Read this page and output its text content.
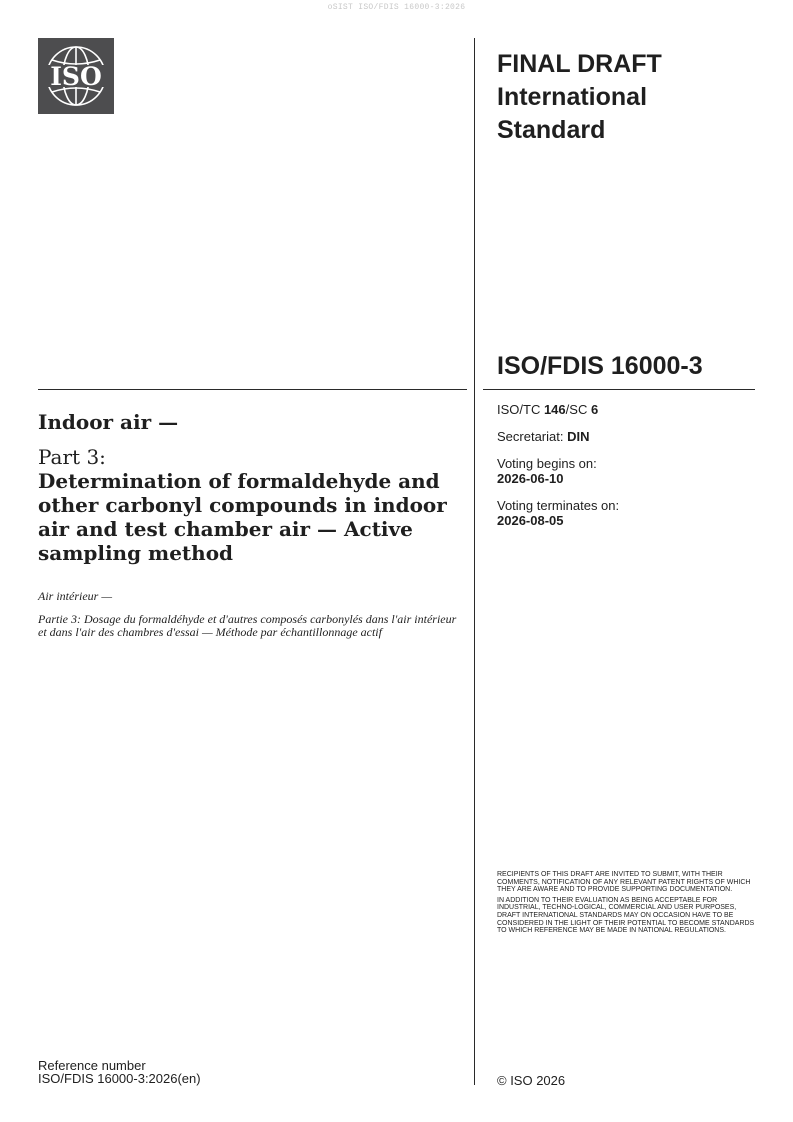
oSIST ISO/FDIS 16000-3:2026
ISO	FINAL DRAFT
International
Standard
ISO/FDIS 16000-3
ISO/TC 146/SC 6
Secretariat: DIN
Voting begins on:
2026-06-10
Voting terminates on:
2026-08-05
Indoor air —
Part 3:
Determination of formaldehyde and other carbonyl compounds in indoor air and test chamber air — Active sampling method
Air intérieur —
Partie 3: Dosage du formaldéhyde et d'autres composés carbonylés dans l'air intérieur et dans l'air des chambres d'essai — Méthode par échantillonnage actif

RECIPIENTS OF THIS DRAFT ARE INVITED TO SUBMIT, WITH THEIR COMMENTS, NOTIFICATION OF ANY RELEVANT PATENT RIGHTS OF WHICH THEY ARE AWARE AND TO PROVIDE SUPPORTING DOCUMENTATION.

IN ADDITION TO THEIR EVALUATION AS BEING ACCEPTABLE FOR INDUSTRIAL, TECHNO-LOGICAL, COMMERCIAL AND USER PURPOSES, DRAFT INTERNATIONAL STANDARDS MAY ON OCCASION HAVE TO BE CONSIDERED IN THE LIGHT OF THEIR POTENTIAL TO BECOME STANDARDS TO WHICH REFERENCE MAY BE MADE IN NATIONAL REGULATIONS.

Reference number
ISO/FDIS 16000-3:2026(en)	© ISO 2026
